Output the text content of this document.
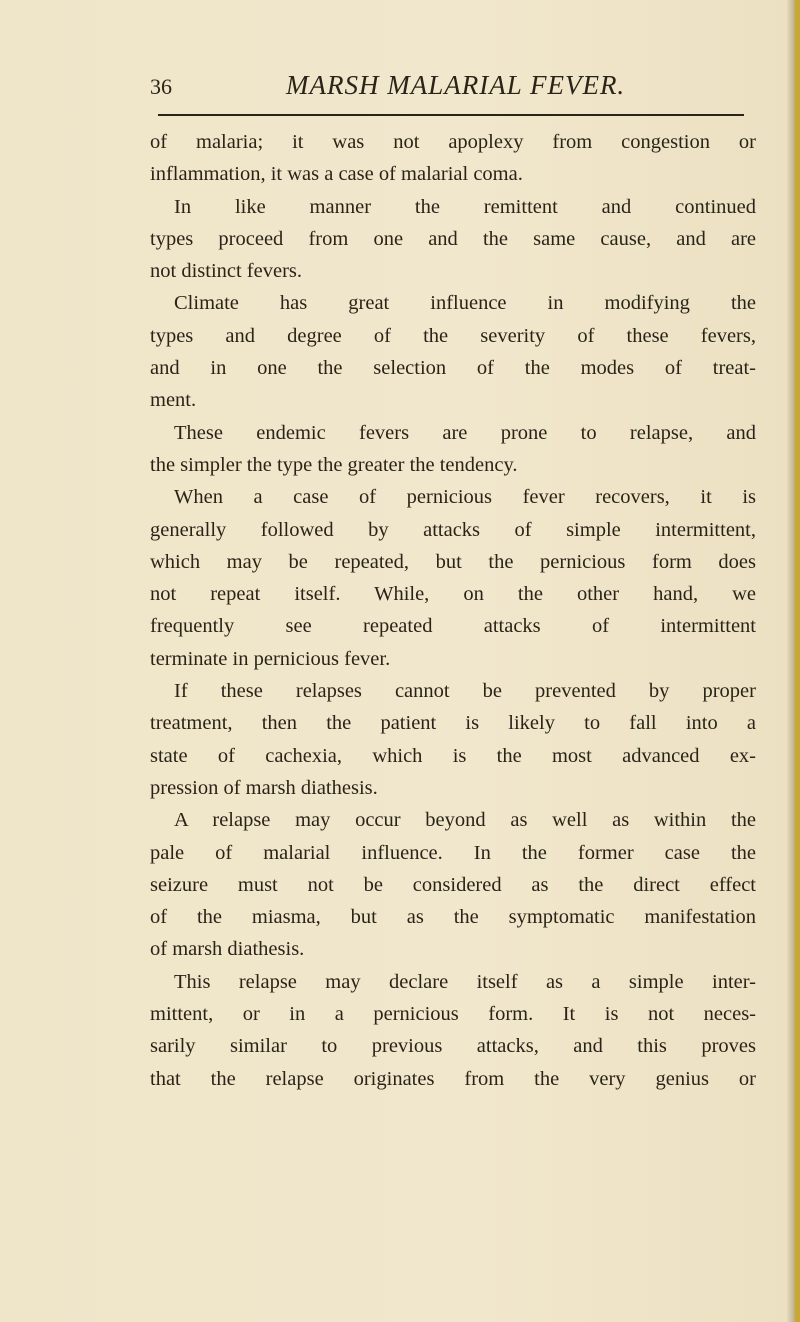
36	MARSH MALARIAL FEVER.
of malaria; it was not apoplexy from congestion or
inflammation, it was a case of malarial coma.
In like manner the remittent and continued
types proceed from one and the same cause, and are
not distinct fevers.
Climate has great influence in modifying the
types and degree of the severity of these fevers,
and in one the selection of the modes of treat-
ment.
These endemic fevers are prone to relapse, and
the simpler the type the greater the tendency.
When a case of pernicious fever recovers, it is
generally followed by attacks of simple intermittent,
which may be repeated, but the pernicious form does
not repeat itself. While, on the other hand, we
frequently see repeated attacks of intermittent
terminate in pernicious fever.
If these relapses cannot be prevented by proper
treatment, then the patient is likely to fall into a
state of cachexia, which is the most advanced ex-
pression of marsh diathesis.
A relapse may occur beyond as well as within the
pale of malarial influence. In the former case the
seizure must not be considered as the direct effect
of the miasma, but as the symptomatic manifestation
of marsh diathesis.
This relapse may declare itself as a simple inter-
mittent, or in a pernicious form. It is not neces-
sarily similar to previous attacks, and this proves
that the relapse originates from the very genius or
